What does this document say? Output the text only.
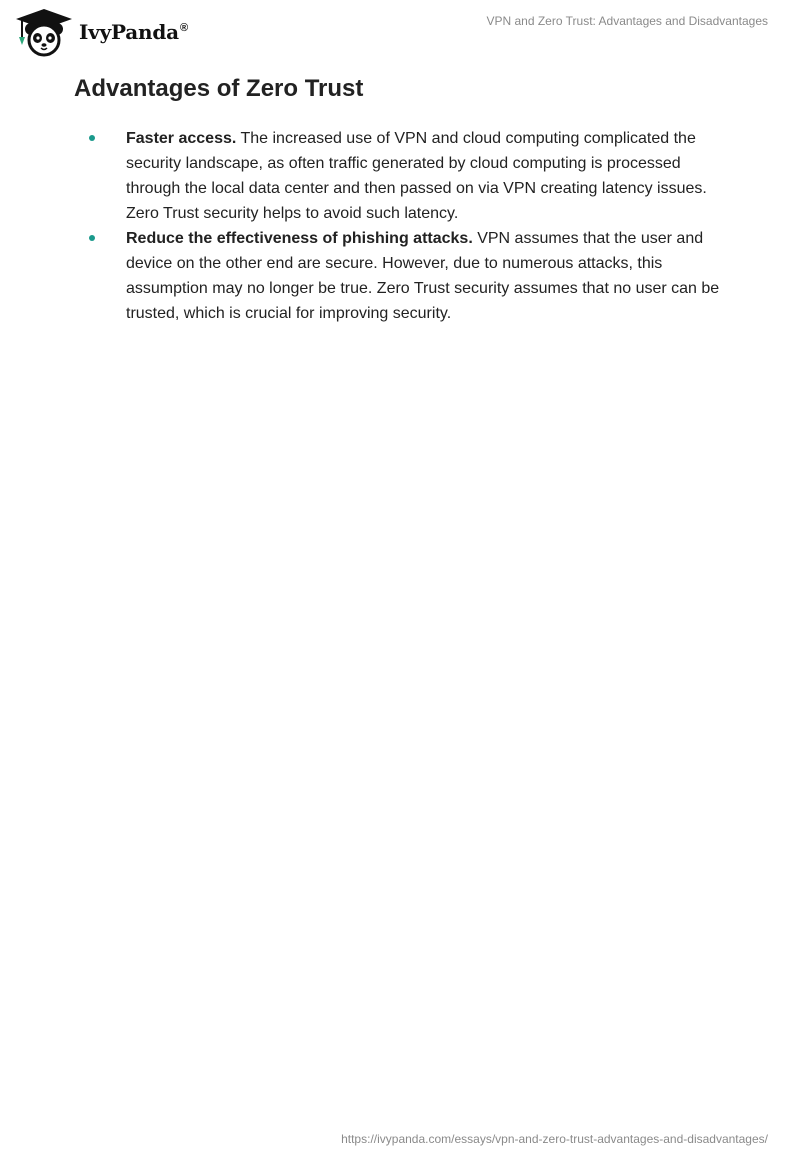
IvyPanda®
VPN and Zero Trust: Advantages and Disadvantages
Advantages of Zero Trust
Faster access. The increased use of VPN and cloud computing complicated the security landscape, as often traffic generated by cloud computing is processed through the local data center and then passed on via VPN creating latency issues. Zero Trust security helps to avoid such latency.
Reduce the effectiveness of phishing attacks. VPN assumes that the user and device on the other end are secure. However, due to numerous attacks, this assumption may no longer be true. Zero Trust security assumes that no user can be trusted, which is crucial for improving security.
https://ivypanda.com/essays/vpn-and-zero-trust-advantages-and-disadvantages/
